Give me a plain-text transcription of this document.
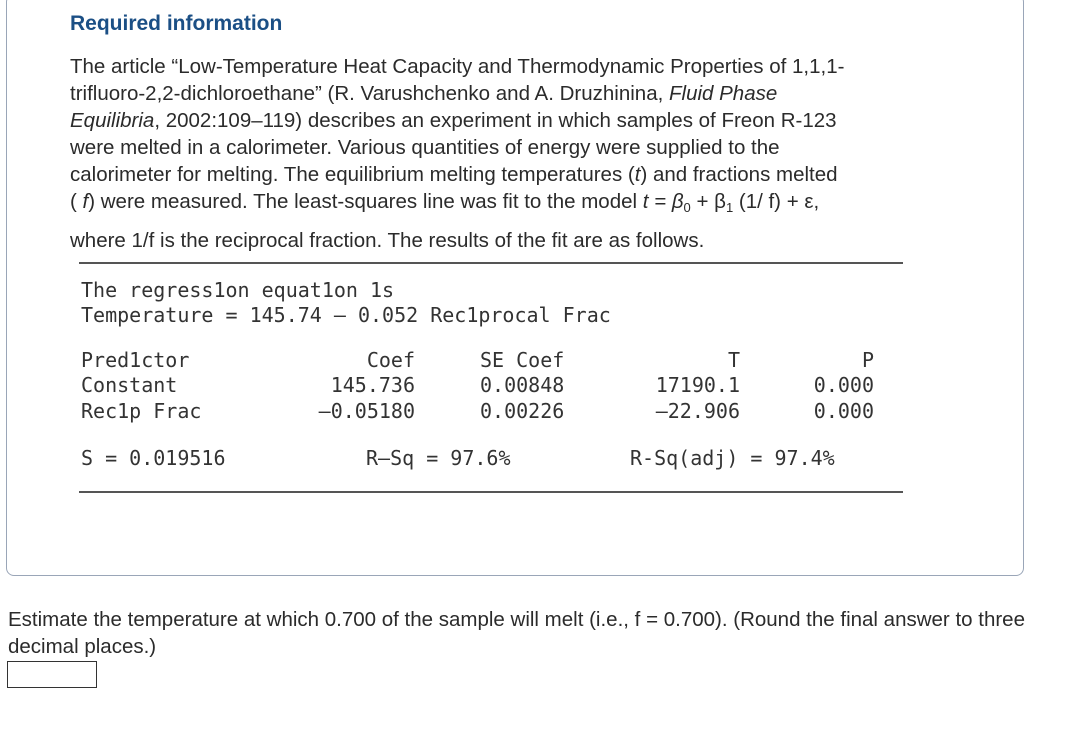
Required information
The article “Low-Temperature Heat Capacity and Thermodynamic Properties of 1,1,1-
trifluoro-2,2-dichloroethane” (R. Varushchenko and A. Druzhinina, Fluid Phase
Equilibria, 2002:109–119) describes an experiment in which samples of Freon R-123
were melted in a calorimeter. Various quantities of energy were supplied to the
calorimeter for melting. The equilibrium melting temperatures (t) and fractions melted
( f) were measured. The least-squares line was fit to the model $t = \beta_0 + \beta_1$ (1/ f) + ε,
where 1/f is the reciprocal fraction. The results of the fit are as follows.
The regress1on equat1on 1s
Temperature = 145.74 – 0.052 Rec1procal Frac
Pred1ctor	Coef	SE Coef	T	P
Constant	145.736	0.00848	17190.1	0.000
Rec1p Frac	–0.05180	0.00226	–22.906	0.000
S = 0.019516	R–Sq = 97.6%	R-Sq(adj) = 97.4%
Estimate the temperature at which 0.700 of the sample will melt (i.e., f = 0.700). (Round the final answer to three decimal places.)
